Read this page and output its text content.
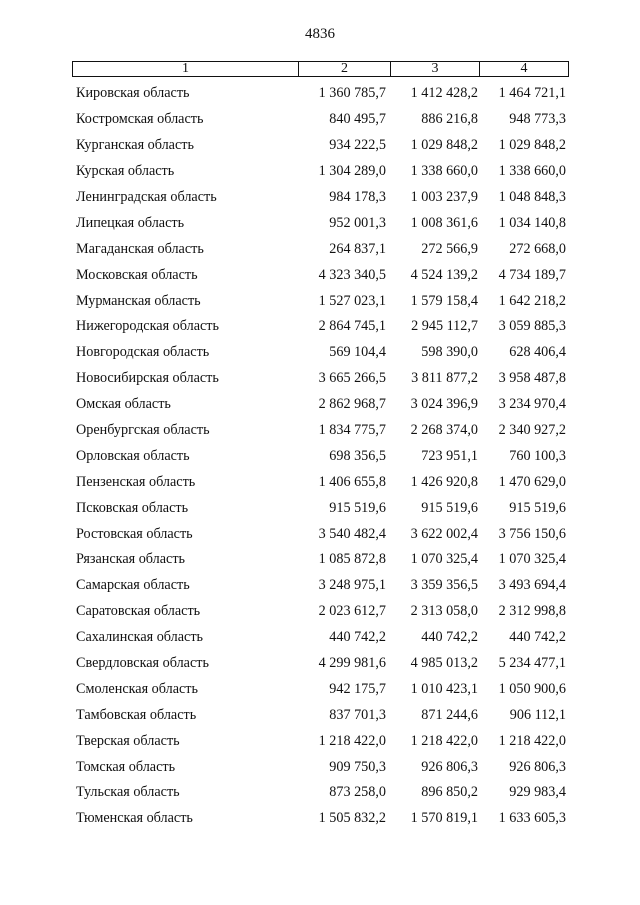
4836
1	2	3	4
Кировская область	1 360 785,7	1 412 428,2	1 464 721,1
Костромская область	840 495,7	886 216,8	948 773,3
Курганская область	934 222,5	1 029 848,2	1 029 848,2
Курская область	1 304 289,0	1 338 660,0	1 338 660,0
Ленинградская область	984 178,3	1 003 237,9	1 048 848,3
Липецкая область	952 001,3	1 008 361,6	1 034 140,8
Магаданская область	264 837,1	272 566,9	272 668,0
Московская область	4 323 340,5	4 524 139,2	4 734 189,7
Мурманская область	1 527 023,1	1 579 158,4	1 642 218,2
Нижегородская область	2 864 745,1	2 945 112,7	3 059 885,3
Новгородская область	569 104,4	598 390,0	628 406,4
Новосибирская область	3 665 266,5	3 811 877,2	3 958 487,8
Омская область	2 862 968,7	3 024 396,9	3 234 970,4
Оренбургская область	1 834 775,7	2 268 374,0	2 340 927,2
Орловская область	698 356,5	723 951,1	760 100,3
Пензенская область	1 406 655,8	1 426 920,8	1 470 629,0
Псковская область	915 519,6	915 519,6	915 519,6
Ростовская область	3 540 482,4	3 622 002,4	3 756 150,6
Рязанская область	1 085 872,8	1 070 325,4	1 070 325,4
Самарская область	3 248 975,1	3 359 356,5	3 493 694,4
Саратовская область	2 023 612,7	2 313 058,0	2 312 998,8
Сахалинская область	440 742,2	440 742,2	440 742,2
Свердловская область	4 299 981,6	4 985 013,2	5 234 477,1
Смоленская область	942 175,7	1 010 423,1	1 050 900,6
Тамбовская область	837 701,3	871 244,6	906 112,1
Тверская область	1 218 422,0	1 218 422,0	1 218 422,0
Томская область	909 750,3	926 806,3	926 806,3
Тульская область	873 258,0	896 850,2	929 983,4
Тюменская область	1 505 832,2	1 570 819,1	1 633 605,3
